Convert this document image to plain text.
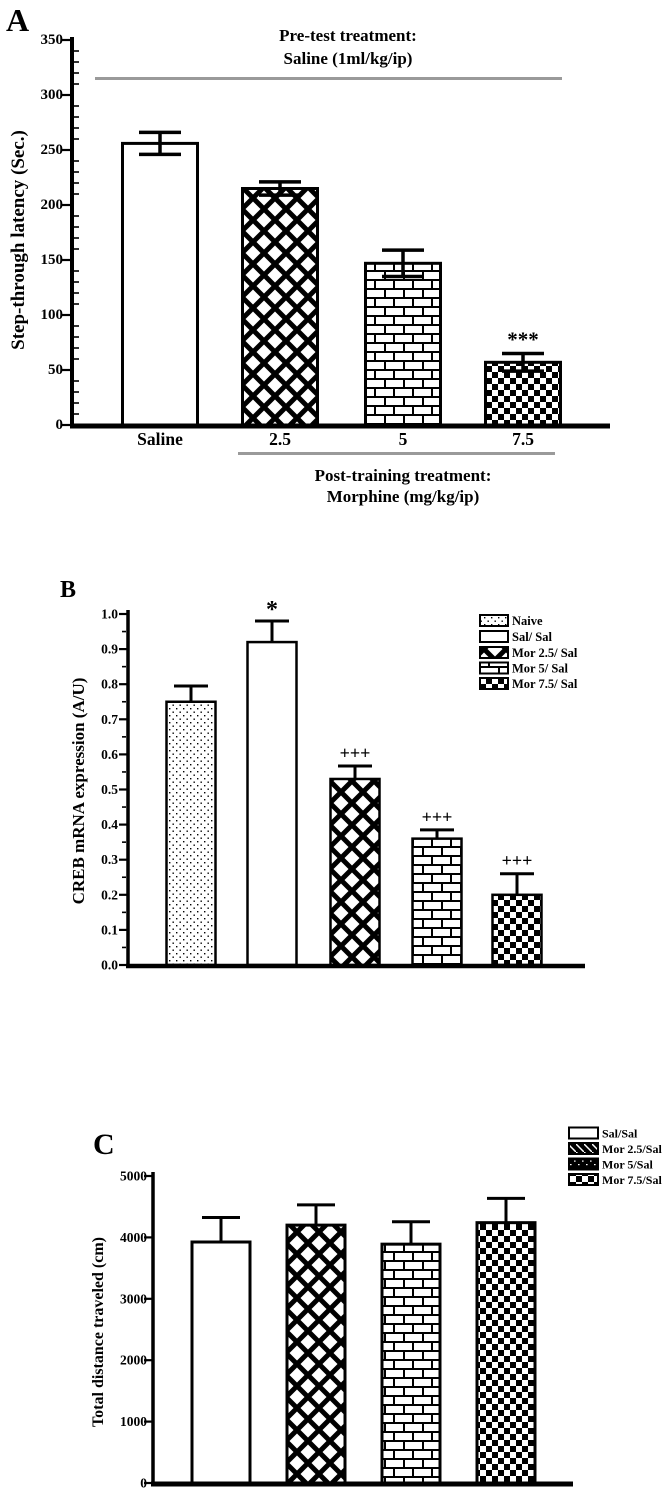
0
50
100
150
200
250
300
350
***
Saline	2.5	5	7.5
0.0
0.1
0.2
0.3
0.4
0.5
0.6
0.7
0.8
0.9
1.0	*
+++
+++
+++
Naive
Sal/ Sal
Mor 2.5/ Sal
Mor 5/ Sal
Mor 7.5/ Sal
0
1000
2000
3000
4000
5000
Sal/Sal
Mor 2.5/Sal
Mor 5/Sal
Mor 7.5/Sal
A
B
C
Pre-test treatment:
Saline (1ml/kg/ip)
Post-training treatment:
Morphine (mg/kg/ip)
Step-through latency (Sec.)
CREB mRNA expression (A/U)
Total distance traveled (cm)
